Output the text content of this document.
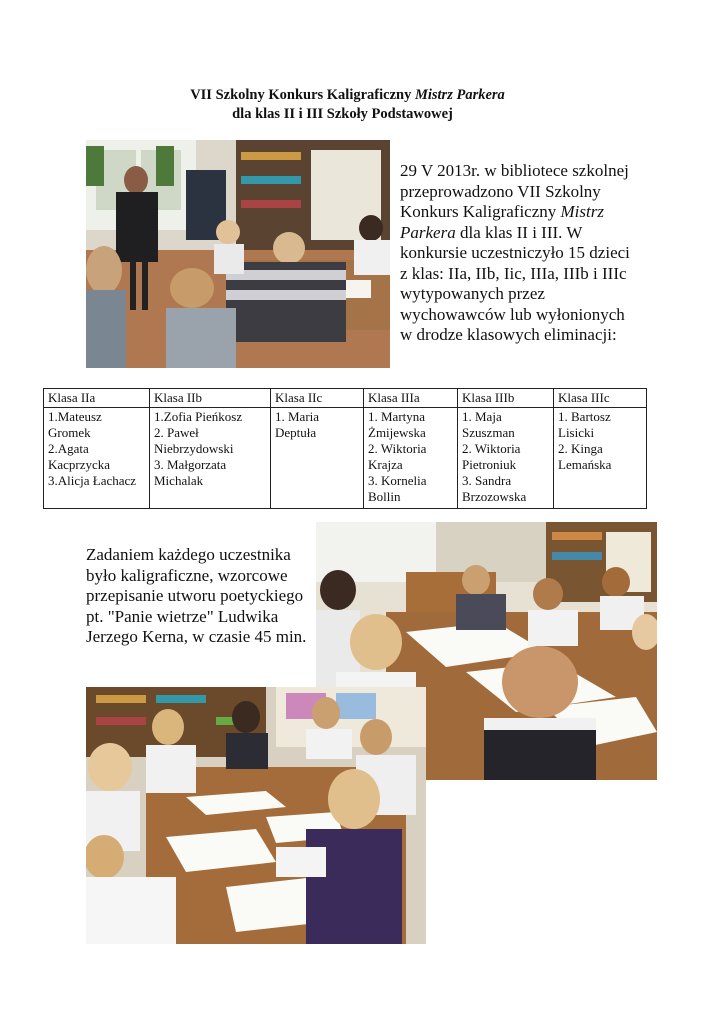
VII Szkolny Konkurs Kaligraficzny Mistrz Parkera
dla klas II i III Szkoły Podstawowej
29 V 2013r. w bibliotece szkolnej przeprowadzono VII Szkolny Konkurs Kaligraficzny Mistrz Parkera dla klas II i III. W konkursie uczestniczyło 15 dzieci z klas: IIa, IIb, Iic, IIIa, IIIb i IIIc wytypowanych przez wychowawców lub wyłonionych w drodze klasowych eliminacji:
Klasa IIa	Klasa IIb	Klasa IIc	Klasa IIIa	Klasa IIIb	Klasa IIIc

1.Mateusz Gromek
2.Agata Kacprzycka
3.Alicja Łachacz	1.Zofia Pieńkosz
2. Paweł Niebrzydowski
3. Małgorzata Michalak	1. Maria Deptuła	1. Martyna Żmijewska
2. Wiktoria Krajza
3. Kornelia Bollin	1. Maja Szuszman
2. Wiktoria Pietroniuk
3. Sandra Brzozowska	1. Bartosz Lisicki
2. Kinga Lemańska
Zadaniem każdego uczestnika było kaligraficzne, wzorcowe przepisanie utworu poetyckiego pt. "Panie wietrze" Ludwika Jerzego Kerna, w czasie 45 min.
